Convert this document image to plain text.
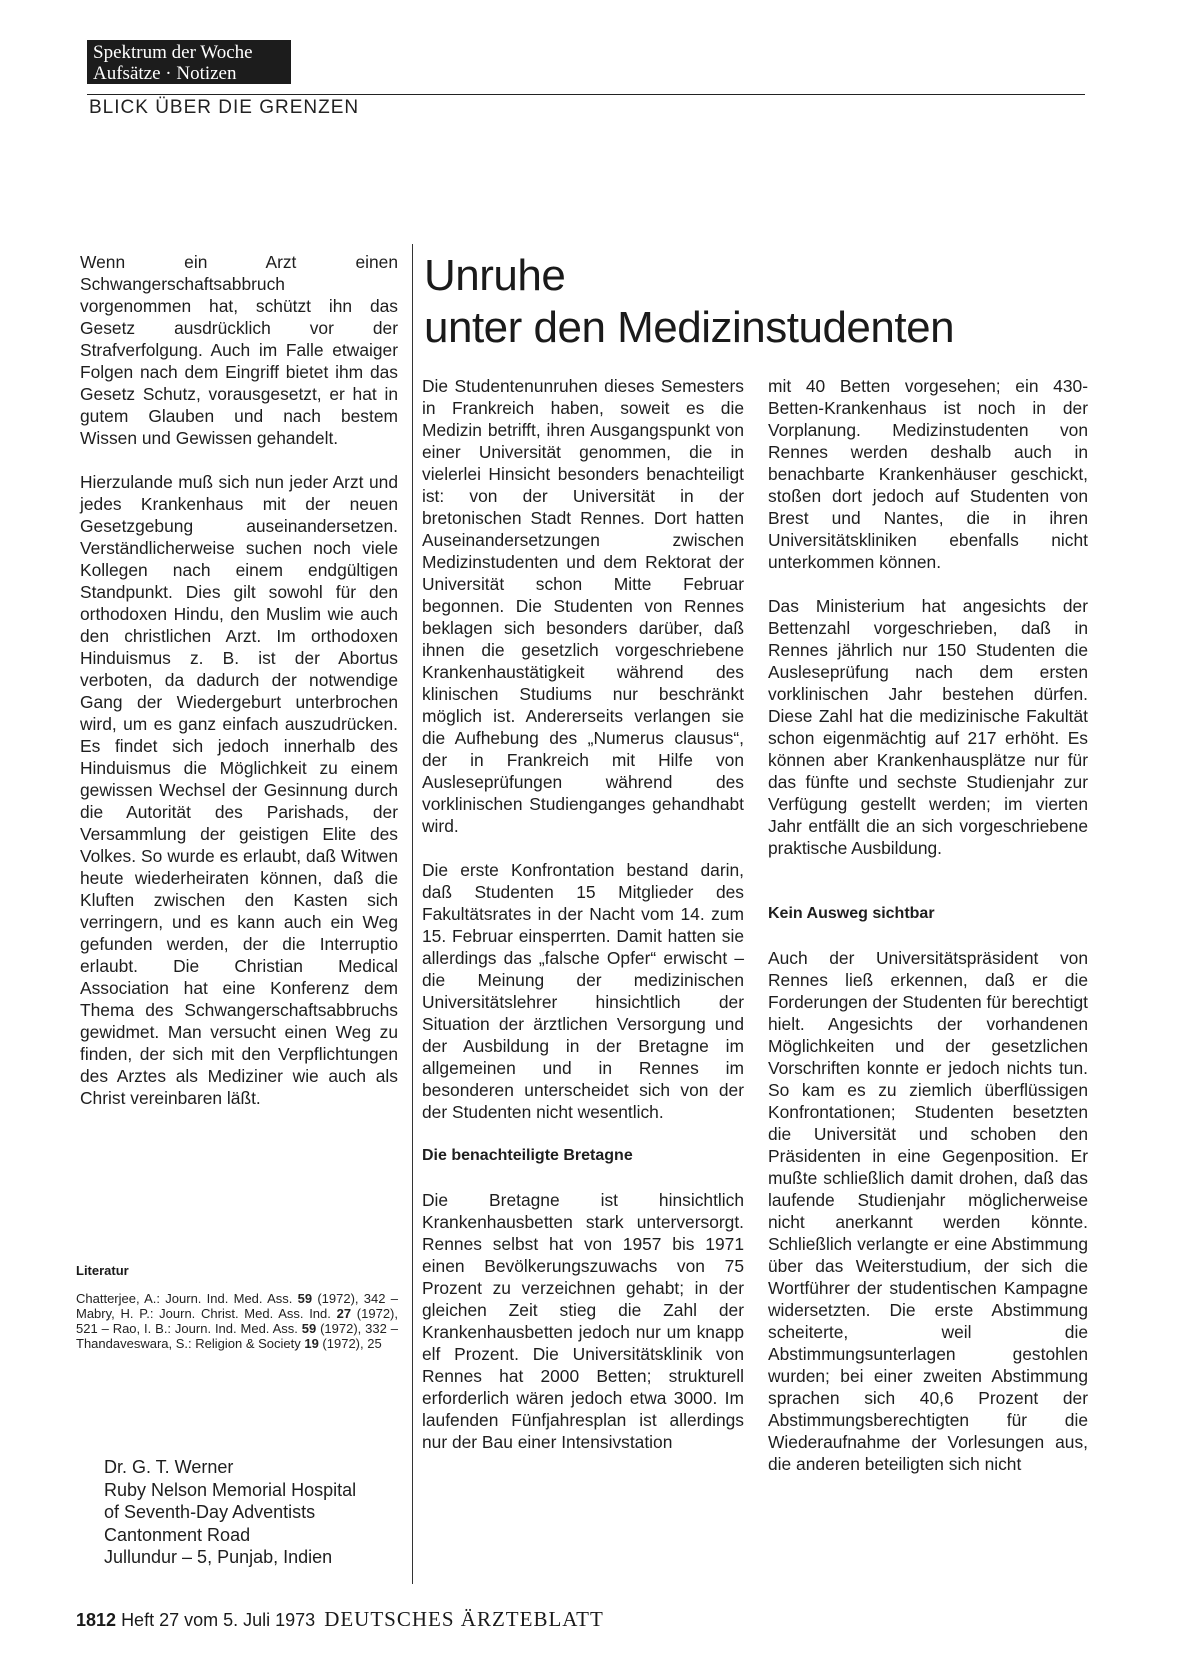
Spektrum der Woche
Aufsätze · Notizen
BLICK ÜBER DIE GRENZEN

Wenn ein Arzt einen Schwangerschaftsabbruch vorgenommen hat, schützt ihn das Gesetz ausdrücklich vor der Strafverfolgung. Auch im Falle etwaiger Folgen nach dem Eingriff bietet ihm das Gesetz Schutz, vorausgesetzt, er hat in gutem Glauben und nach bestem Wissen und Gewissen gehandelt.

Hierzulande muß sich nun jeder Arzt und jedes Krankenhaus mit der neuen Gesetzgebung auseinandersetzen. Verständlicherweise suchen noch viele Kollegen nach einem endgültigen Standpunkt. Dies gilt sowohl für den orthodoxen Hindu, den Muslim wie auch den christlichen Arzt. Im orthodoxen Hinduismus z. B. ist der Abortus verboten, da dadurch der notwendige Gang der Wiedergeburt unterbrochen wird, um es ganz einfach auszudrücken. Es findet sich jedoch innerhalb des Hinduismus die Möglichkeit zu einem gewissen Wechsel der Gesinnung durch die Autorität des Parishads, der Versammlung der geistigen Elite des Volkes. So wurde es erlaubt, daß Witwen heute wiederheiraten können, daß die Kluften zwischen den Kasten sich verringern, und es kann auch ein Weg gefunden werden, der die Interruptio erlaubt. Die Christian Medical Association hat eine Konferenz dem Thema des Schwangerschaftsabbruchs gewidmet. Man versucht einen Weg zu finden, der sich mit den Verpflichtungen des Arztes als Mediziner wie auch als Christ vereinbaren läßt.

Literatur
Chatterjee, A.: Journ. Ind. Med. Ass. 59 (1972), 342 – Mabry, H. P.: Journ. Christ. Med. Ass. Ind. 27 (1972), 521 – Rao, I. B.: Journ. Ind. Med. Ass. 59 (1972), 332 – Thandaveswara, S.: Religion & Society 19 (1972), 25
Dr. G. T. Werner
Ruby Nelson Memorial Hospital
of Seventh-Day Adventists
Cantonment Road
Jullundur – 5, Punjab, Indien
Unruhe
unter den Medizinstudenten

Die Studentenunruhen dieses Semesters in Frankreich haben, soweit es die Medizin betrifft, ihren Ausgangspunkt von einer Universität genommen, die in vielerlei Hinsicht besonders benachteiligt ist: von der Universität in der bretonischen Stadt Rennes. Dort hatten Auseinandersetzungen zwischen Medizinstudenten und dem Rektorat der Universität schon Mitte Februar begonnen. Die Studenten von Rennes beklagen sich besonders darüber, daß ihnen die gesetzlich vorgeschriebene Krankenhaustätigkeit während des klinischen Studiums nur beschränkt möglich ist. Andererseits verlangen sie die Aufhebung des „Numerus clausus“, der in Frankreich mit Hilfe von Ausleseprüfungen während des vorklinischen Studienganges gehandhabt wird.

Die erste Konfrontation bestand darin, daß Studenten 15 Mitglieder des Fakultätsrates in der Nacht vom 14. zum 15. Februar einsperrten. Damit hatten sie allerdings das „falsche Opfer“ erwischt – die Meinung der medizinischen Universitätslehrer hinsichtlich der Situation der ärztlichen Versorgung und der Ausbildung in der Bretagne im allgemeinen und in Rennes im besonderen unterscheidet sich von der der Studenten nicht wesentlich.

Die benachteiligte Bretagne

Die Bretagne ist hinsichtlich Krankenhausbetten stark unterversorgt. Rennes selbst hat von 1957 bis 1971 einen Bevölkerungszuwachs von 75 Prozent zu verzeichnen gehabt; in der gleichen Zeit stieg die Zahl der Krankenhausbetten jedoch nur um knapp elf Prozent. Die Universitätsklinik von Rennes hat 2000 Betten; strukturell erforderlich wären jedoch etwa 3000. Im laufenden Fünfjahresplan ist allerdings nur der Bau einer Intensivstation

mit 40 Betten vorgesehen; ein 430-Betten-Krankenhaus ist noch in der Vorplanung. Medizinstudenten von Rennes werden deshalb auch in benachbarte Krankenhäuser geschickt, stoßen dort jedoch auf Studenten von Brest und Nantes, die in ihren Universitätskliniken ebenfalls nicht unterkommen können.

Das Ministerium hat angesichts der Bettenzahl vorgeschrieben, daß in Rennes jährlich nur 150 Studenten die Ausleseprüfung nach dem ersten vorklinischen Jahr bestehen dürfen. Diese Zahl hat die medizinische Fakultät schon eigenmächtig auf 217 erhöht. Es können aber Krankenhausplätze nur für das fünfte und sechste Studienjahr zur Verfügung gestellt werden; im vierten Jahr entfällt die an sich vorgeschriebene praktische Ausbildung.

Kein Ausweg sichtbar

Auch der Universitätspräsident von Rennes ließ erkennen, daß er die Forderungen der Studenten für berechtigt hielt. Angesichts der vorhandenen Möglichkeiten und der gesetzlichen Vorschriften konnte er jedoch nichts tun. So kam es zu ziemlich überflüssigen Konfrontationen; Studenten besetzten die Universität und schoben den Präsidenten in eine Gegenposition. Er mußte schließlich damit drohen, daß das laufende Studienjahr möglicherweise nicht anerkannt werden könnte. Schließlich verlangte er eine Abstimmung über das Weiterstudium, der sich die Wortführer der studentischen Kampagne widersetzten. Die erste Abstimmung scheiterte, weil die Abstimmungsunterlagen gestohlen wurden; bei einer zweiten Abstimmung sprachen sich 40,6 Prozent der Abstimmungsberechtigten für die Wiederaufnahme der Vorlesungen aus, die anderen beteiligten sich nicht

1812 Heft 27 vom 5. Juli 1973 DEUTSCHES ÄRZTEBLATT
